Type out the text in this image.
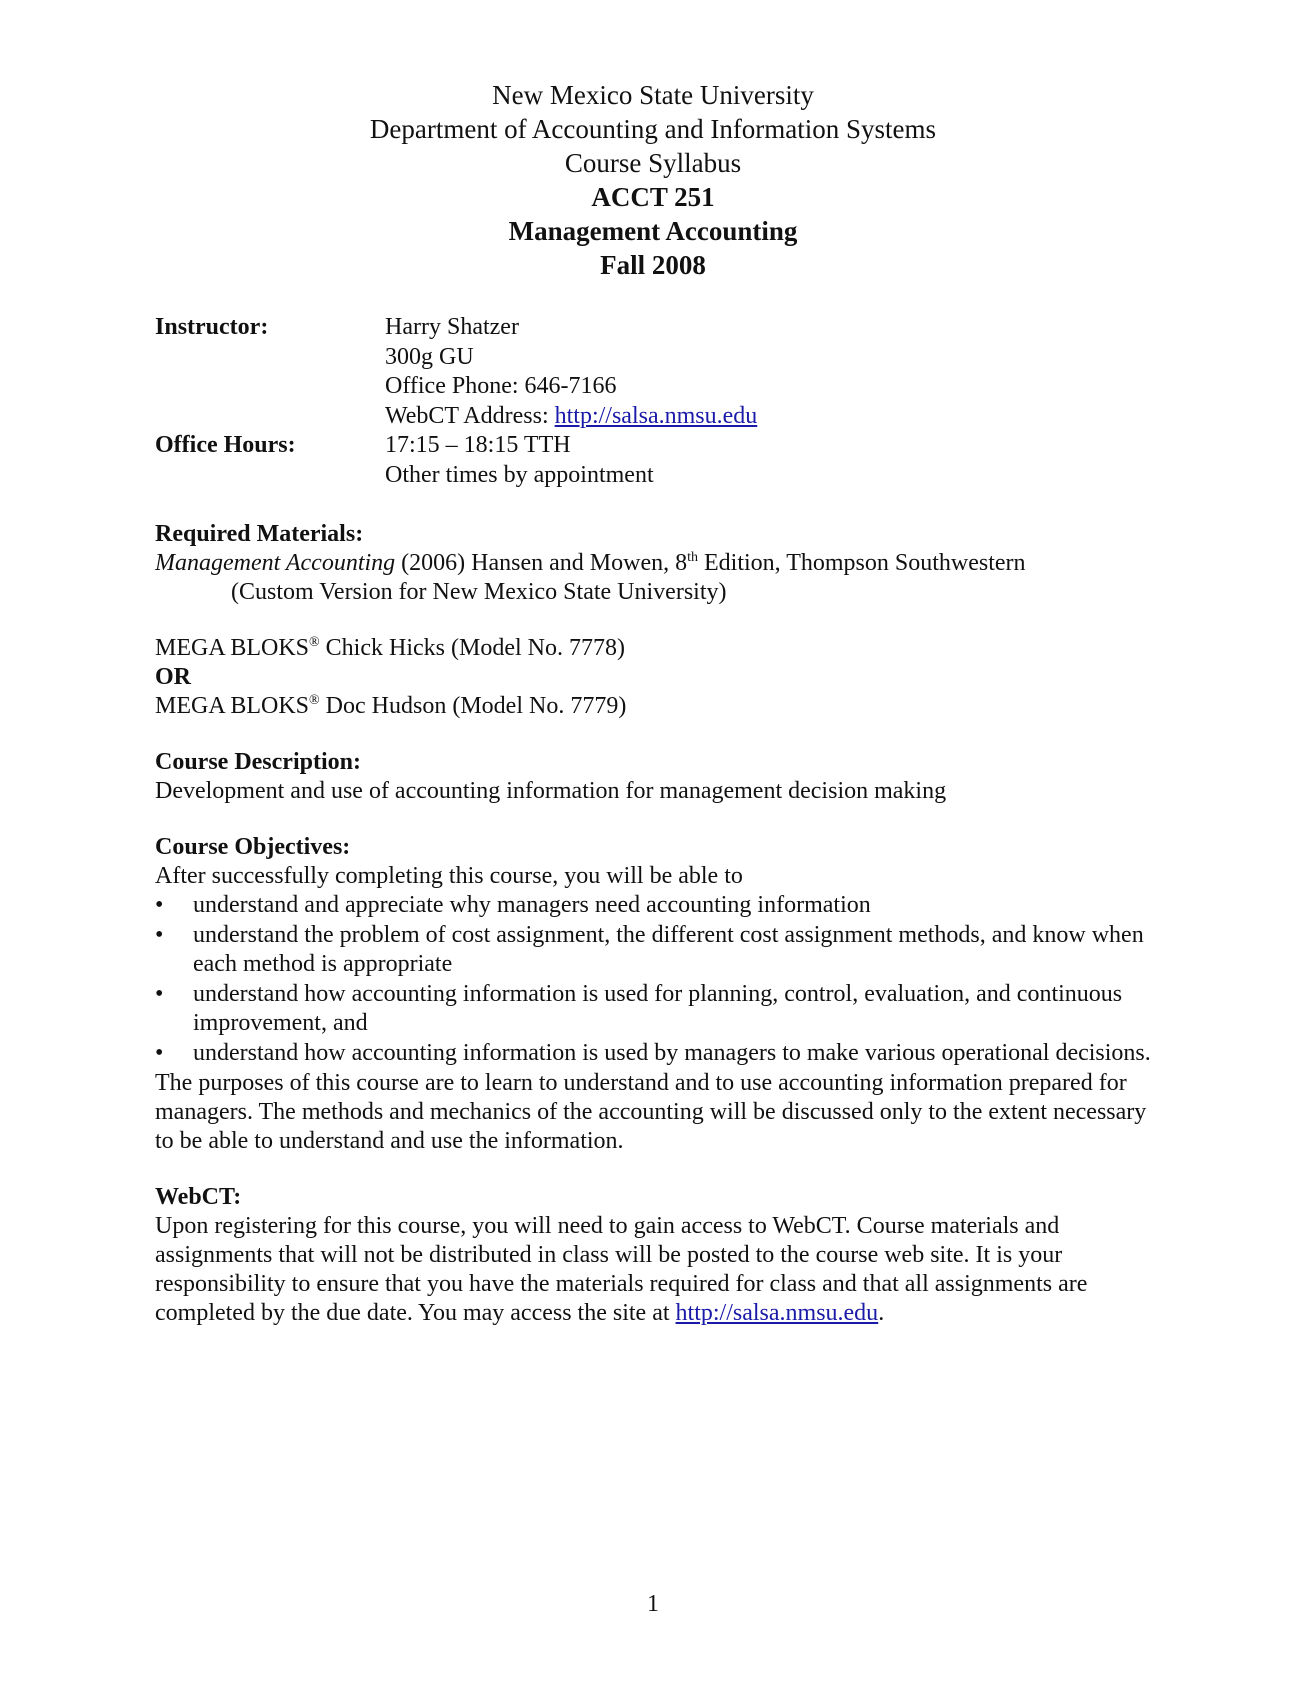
New Mexico State University
Department of Accounting and Information Systems
Course Syllabus
ACCT 251
Management Accounting
Fall 2008
Instructor:	Harry Shatzer
300g GU
Office Phone: 646-7166
WebCT Address: http://salsa.nmsu.edu
Office Hours:	17:15 – 18:15 TTH
Other times by appointment
Required Materials:
Management Accounting (2006) Hansen and Mowen, 8th Edition, Thompson Southwestern
(Custom Version for New Mexico State University)
MEGA BLOKS® Chick Hicks (Model No. 7778)
OR
MEGA BLOKS® Doc Hudson (Model No. 7779)
Course Description:
Development and use of accounting information for management decision making
Course Objectives:
After successfully completing this course, you will be able to
• understand and appreciate why managers need accounting information
• understand the problem of cost assignment, the different cost assignment methods, and know when each method is appropriate
• understand how accounting information is used for planning, control, evaluation, and continuous improvement, and
• understand how accounting information is used by managers to make various operational decisions.
The purposes of this course are to learn to understand and to use accounting information prepared for managers. The methods and mechanics of the accounting will be discussed only to the extent necessary to be able to understand and use the information.
WebCT:
Upon registering for this course, you will need to gain access to WebCT. Course materials and assignments that will not be distributed in class will be posted to the course web site. It is your responsibility to ensure that you have the materials required for class and that all assignments are completed by the due date. You may access the site at http://salsa.nmsu.edu.
1
